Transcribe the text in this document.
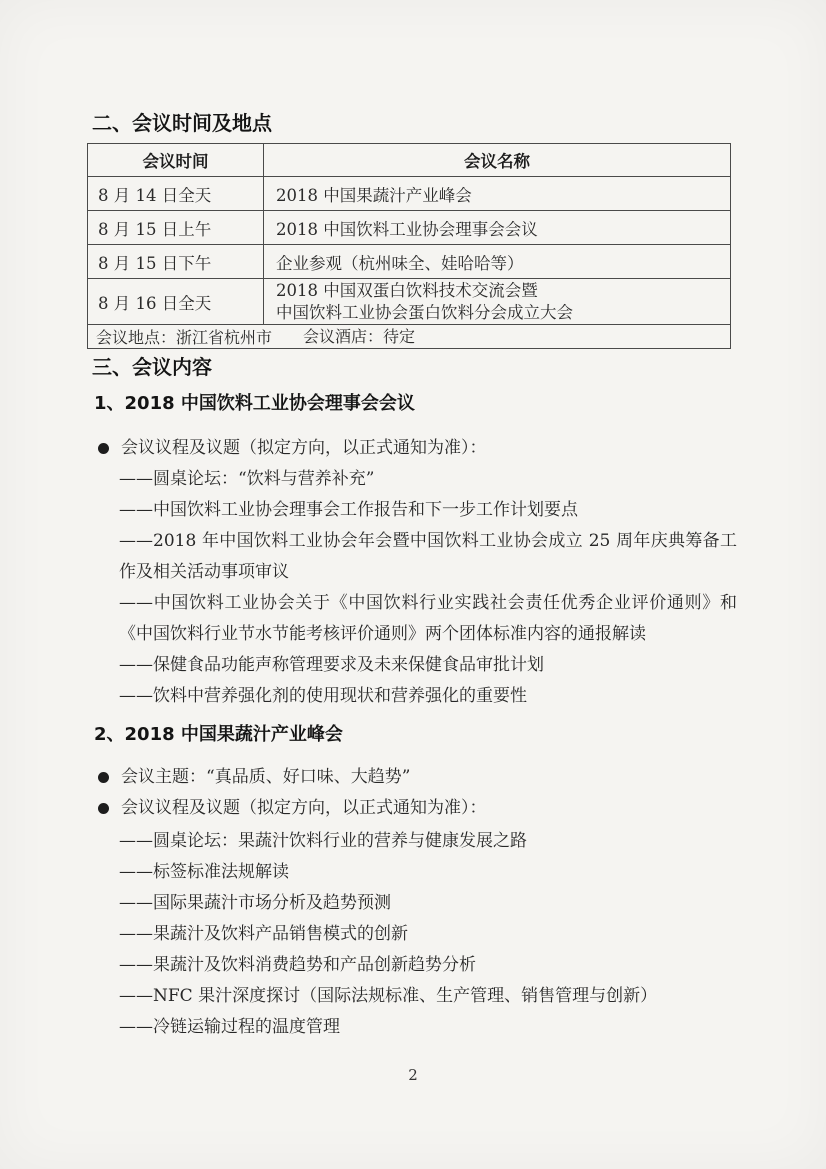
二、会议时间及地点
会议时间	会议名称
8 月 14 日全天	2018 中国果蔬汁产业峰会
8 月 15 日上午	2018 中国饮料工业协会理事会会议
8 月 15 日下午	企业参观（杭州味全、娃哈哈等）
8 月 16 日全天	2018 中国双蛋白饮料技术交流会暨
中国饮料工业协会蛋白饮料分会成立大会

会议地点：浙江省杭州市 会议酒店：待定	
三、会议内容
1、2018 中国饮料工业协会理事会会议
会议议程及议题（拟定方向，以正式通知为准）：
——圆桌论坛：“饮料与营养补充”
——中国饮料工业协会理事会工作报告和下一步工作计划要点
——2018 年中国饮料工业协会年会暨中国饮料工业协会成立 25 周年庆典筹备工作及相关活动事项审议
——中国饮料工业协会关于《中国饮料行业实践社会责任优秀企业评价通则》和《中国饮料行业节水节能考核评价通则》两个团体标准内容的通报解读
——保健食品功能声称管理要求及未来保健食品审批计划
——饮料中营养强化剂的使用现状和营养强化的重要性
2、2018 中国果蔬汁产业峰会
会议主题：“真品质、好口味、大趋势”
会议议程及议题（拟定方向，以正式通知为准）：
——圆桌论坛：果蔬汁饮料行业的营养与健康发展之路
——标签标准法规解读
——国际果蔬汁市场分析及趋势预测
——果蔬汁及饮料产品销售模式的创新
——果蔬汁及饮料消费趋势和产品创新趋势分析
——NFC 果汁深度探讨（国际法规标准、生产管理、销售管理与创新）
——冷链运输过程的温度管理
2
